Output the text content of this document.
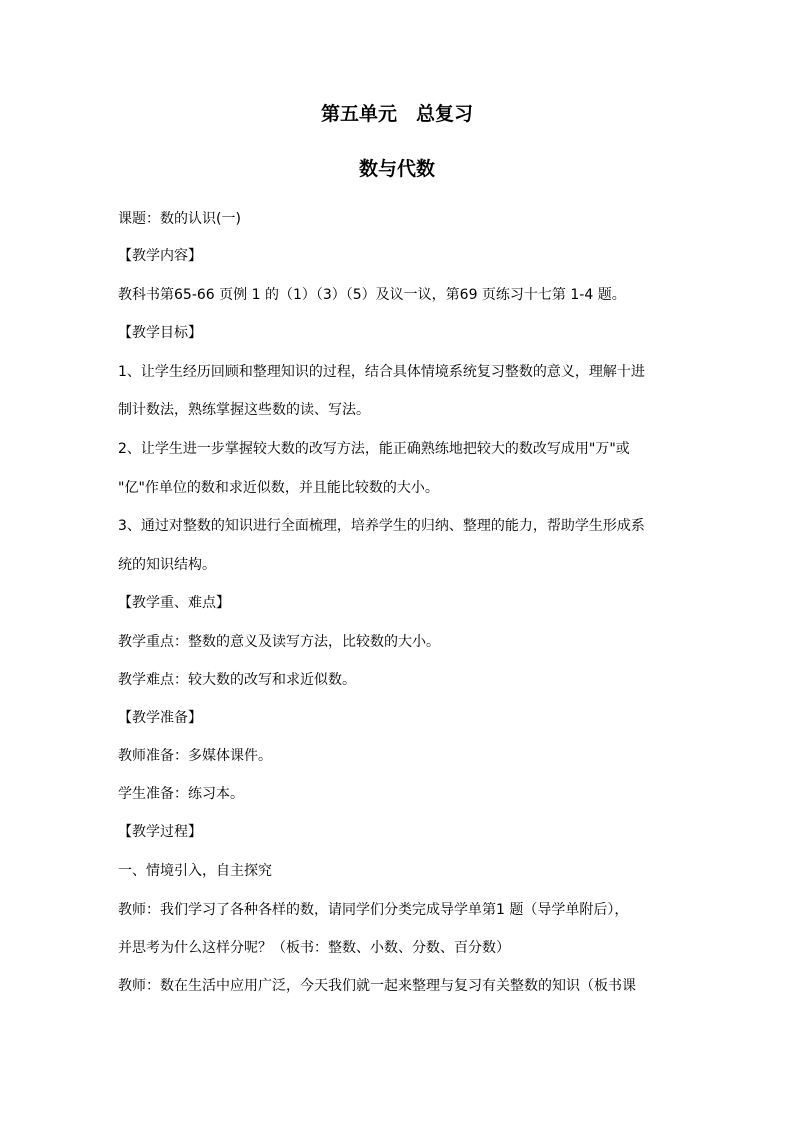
第五单元　总复习
数与代数
课题：数的认识(一)
【教学内容】
教科书第65-66 页例 1 的（1）（3）（5）及议一议，第69 页练习十七第 1-4 题。
【教学目标】
1、让学生经历回顾和整理知识的过程，结合具体情境系统复习整数的意义，理解十进
制计数法，熟练掌握这些数的读、写法。
2、让学生进一步掌握较大数的改写方法，能正确熟练地把较大的数改写成用"万"或
"亿"作单位的数和求近似数，并且能比较数的大小。
3、通过对整数的知识进行全面梳理，培养学生的归纳、整理的能力，帮助学生形成系
统的知识结构。
【教学重、难点】
教学重点：整数的意义及读写方法，比较数的大小。
教学难点：较大数的改写和求近似数。
【教学准备】
教师准备：多媒体课件。
学生准备：练习本。
【教学过程】
一、情境引入，自主探究
教师：我们学习了各种各样的数，请同学们分类完成导学单第1 题（导学单附后），
并思考为什么这样分呢？（板书：整数、小数、分数、百分数）
教师：数在生活中应用广泛，今天我们就一起来整理与复习有关整数的知识（板书课
